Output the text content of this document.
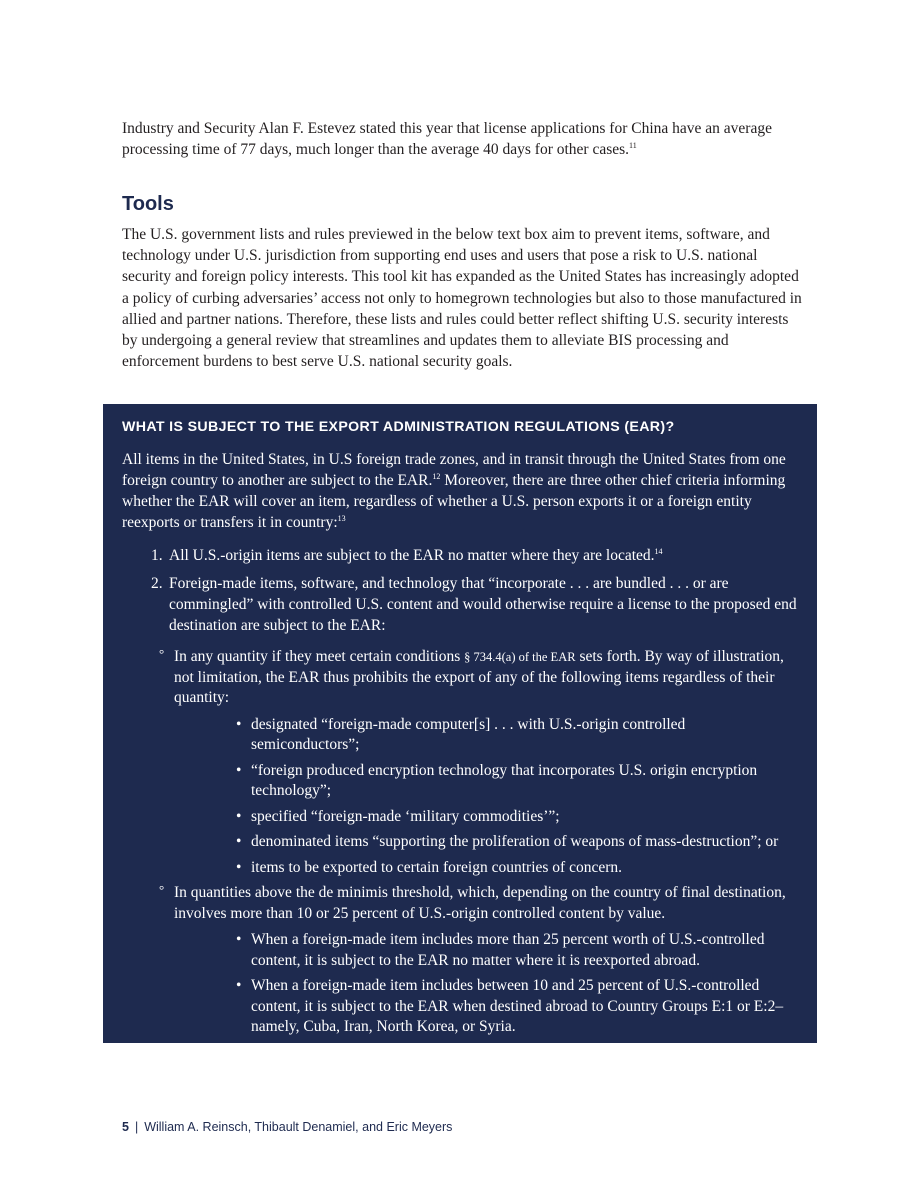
Industry and Security Alan F. Estevez stated this year that license applications for China have an average processing time of 77 days, much longer than the average 40 days for other cases.$^{11}$

Tools

The U.S. government lists and rules previewed in the below text box aim to prevent items, software, and technology under U.S. jurisdiction from supporting end uses and users that pose a risk to U.S. national security and foreign policy interests. This tool kit has expanded as the United States has increasingly adopted a policy of curbing adversaries’ access not only to homegrown technologies but also to those manufactured in allied and partner nations. Therefore, these lists and rules could better reflect shifting U.S. security interests by undergoing a general review that streamlines and updates them to alleviate BIS processing and enforcement burdens to best serve U.S. national security goals.

WHAT IS SUBJECT TO THE EXPORT ADMINISTRATION REGULATIONS (EAR)?

All items in the United States, in U.S foreign trade zones, and in transit through the United States from one foreign country to another are subject to the EAR.$^{12}$ Moreover, there are three other chief criteria informing whether the EAR will cover an item, regardless of whether a U.S. person exports it or a foreign entity reexports or transfers it in country:$^{13}$

1. All U.S.-origin items are subject to the EAR no matter where they are located.$^{14}$
2. Foreign-made items, software, and technology that “incorporate . . . are bundled . . . or are commingled” with controlled U.S. content and would otherwise require a license to the proposed end destination are subject to the EAR:
° In any quantity if they meet certain conditions § 734.4(a) of the EAR sets forth. By way of illustration, not limitation, the EAR thus prohibits the export of any of the following items regardless of their quantity:
• designated “foreign-made computer[s] . . . with U.S.-origin controlled semiconductors”;
• “foreign produced encryption technology that incorporates U.S. origin encryption technology”;
• specified “foreign-made ‘military commodities’”;
• denominated items “supporting the proliferation of weapons of mass-destruction”; or
• items to be exported to certain foreign countries of concern.
° In quantities above the de minimis threshold, which, depending on the country of final destination, involves more than 10 or 25 percent of U.S.-origin controlled content by value.
• When a foreign-made item includes more than 25 percent worth of U.S.-controlled content, it is subject to the EAR no matter where it is reexported abroad.
• When a foreign-made item includes between 10 and 25 percent of U.S.-controlled content, it is subject to the EAR when destined abroad to Country Groups E:1 or E:2–namely, Cuba, Iran, North Korea, or Syria.
5 | William A. Reinsch, Thibault Denamiel, and Eric Meyers
